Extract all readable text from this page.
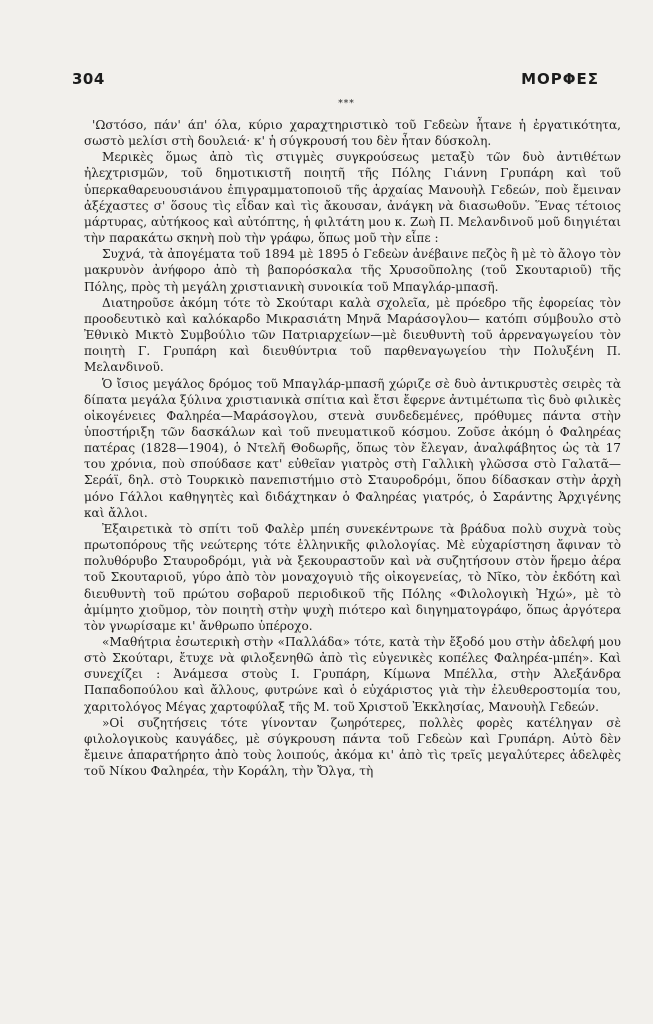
304	ΜΟΡΦΕΣ
***

'Ωστόσο, πάν' άπ' όλα, κύριο χαραχτηριστικὸ τοῦ Γεδεὼν ἦτανε ἡ ἐργατικότητα, σωστὸ μελίσι στὴ δουλειά· κ' ἡ σύγκρουσή του δὲν ἦταν δύσκολη.

Μερικὲς ὅμως ἀπὸ τὶς στιγμὲς συγκρούσεως μεταξὺ τῶν δυὸ ἀντιθέτων ἠλεχτρισμῶν, τοῦ δημοτικιστῆ ποιητῆ τῆς Πόλης Γιάννη Γρυπάρη καὶ τοῦ ὑπερκαθαρευουσιάνου ἐπιγραμματοποιοῦ τῆς ἀρχαίας Μανουὴλ Γεδεών, ποὺ ἔμειναν ἀξέχαστες σ' ὅσους τὶς εἶδαν καὶ τὶς ἄκουσαν, ἀνάγκη νὰ διασωθοῦν. Ἕνας τέτοιος μάρτυρας, αὐτήκοος καὶ αὐτόπτης, ἡ φιλτάτη μου κ. Ζωὴ Π. Μελανδινοῦ μοῦ διηγιέται τὴν παρακάτω σκηνὴ ποὺ τὴν γράφω, ὅπως μοῦ τὴν εἶπε :

Συχνά, τὰ ἀπογέματα τοῦ 1894 μὲ 1895 ὁ Γεδεὼν ἀνέβαινε πεζὸς ἢ μὲ τὸ ἄλογο τὸν μακρυνὸν ἀνήφορο ἀπὸ τὴ βαπορόσκαλα τῆς Χρυσοῦπολης (τοῦ Σκουταριοῦ) τῆς Πόλης, πρὸς τὴ μεγάλη χριστιανικὴ συνοικία τοῦ Μπαγλάρ-μπασῆ.

Διατηροῦσε ἀκόμη τότε τὸ Σκούταρι καλὰ σχολεῖα, μὲ πρόεδρο τῆς ἐφορείας τὸν προοδευτικὸ καὶ καλόκαρδο Μικρασιάτη Μηνᾶ Μαράσογλου— κατόπι σύμβουλο στὸ Ἐθνικὸ Μικτὸ Συμβούλιο τῶν Πατριαρχείων—μὲ διευθυντὴ τοῦ ἀρρεναγωγείου τὸν ποιητὴ Γ. Γρυπάρη καὶ διευθύντρια τοῦ παρθεναγωγείου τὴν Πολυξένη Π. Μελανδινοῦ.

Ὁ ἴσιος μεγάλος δρόμος τοῦ Μπαγλάρ-μπασῆ χώριζε σὲ δυὸ ἀντικρυστὲς σειρὲς τὰ δίπατα μεγάλα ξύλινα χριστιανικὰ σπίτια καὶ ἔτσι ἔφερνε ἀντιμέτωπα τὶς δυὸ φιλικὲς οἰκογένειες Φαληρέα—Μαράσογλου, στενὰ συνδεδεμένες, πρόθυμες πάντα στὴν ὑποστήριξη τῶν δασκάλων καὶ τοῦ πνευματικοῦ κόσμου. Ζοῦσε ἀκόμη ὁ Φαληρέας πατέρας (1828—1904), ὁ Ντελῆ Θοδωρῆς, ὅπως τὸν ἔλεγαν, ἀναλφάβητος ὡς τὰ 17 του χρόνια, ποὺ σπούδασε κατ' εὐθεῖαν γιατρὸς στὴ Γαλλικὴ γλῶσσα στὸ Γαλατᾶ—Σεράϊ, δηλ. στὸ Τουρκικὸ πανεπιστήμιο στὸ Σταυροδρόμι, ὅπου δίδασκαν στὴν ἀρχὴ μόνο Γάλλοι καθηγητὲς καὶ διδάχτηκαν ὁ Φαληρέας γιατρός, ὁ Σαράντης Ἀρχιγένης καὶ ἄλλοι.

Ἐξαιρετικὰ τὸ σπίτι τοῦ Φαλὲρ μπέη συνεκέντρωνε τὰ βράδυα πολὺ συχνὰ τοὺς πρωτοπόρους τῆς νεώτερης τότε ἑλληνικῆς φιλολογίας. Μὲ εὐχαρίστηση ἄφιναν τὸ πολυθόρυβο Σταυροδρόμι, γιὰ νὰ ξεκουραστοῦν καὶ νὰ συζητήσουν στὸν ἥρεμο ἀέρα τοῦ Σκουταριοῦ, γύρο ἀπὸ τὸν μοναχογυιὸ τῆς οἰκογενείας, τὸ Νῖκο, τὸν ἐκδότη καὶ διευθυντὴ τοῦ πρώτου σοβαροῦ περιοδικοῦ τῆς Πόλης «Φιλολογικὴ Ἠχώ», μὲ τὸ ἀμίμητο χιοῦμορ, τὸν ποιητὴ στὴν ψυχὴ πιότερο καὶ διηγηματογράφο, ὅπως ἀργότερα τὸν γνωρίσαμε κι' ἄνθρωπο ὑπέροχο.

«Μαθήτρια ἐσωτερικὴ στὴν «Παλλάδα» τότε, κατὰ τὴν ἔξοδό μου στὴν ἀδελφή μου στὸ Σκούταρι, ἔτυχε νὰ φιλοξενηθῶ ἀπὸ τὶς εὐγενικὲς κοπέλες Φαληρέα-μπέη». Καὶ συνεχίζει : Ἀνάμεσα στοὺς Ι. Γρυπάρη, Κίμωνα Μπέλλα, στὴν Ἀλεξάνδρα Παπαδοπούλου καὶ ἄλλους, φυτρώνε καὶ ὁ εὐχάριστος γιὰ τὴν ἐλευθεροστομία του, χαριτολόγος Μέγας χαρτοφύλαξ τῆς Μ. τοῦ Χριστοῦ Ἐκκλησίας, Μανουὴλ Γεδεών.

»Οἱ συζητήσεις τότε γίνονταν ζωηρότερες, πολλὲς φορὲς κατέληγαν σὲ φιλολογικοὺς καυγάδες, μὲ σύγκρουση πάντα τοῦ Γεδεὼν καὶ Γρυπάρη. Αὐτὸ δὲν ἔμεινε ἀπαρατήρητο ἀπὸ τοὺς λοιπούς, ἀκόμα κι' ἀπὸ τὶς τρεῖς μεγαλύτερες ἀδελφὲς τοῦ Νίκου Φαληρέα, τὴν Κοράλη, τὴν Ὄλγα, τὴ
